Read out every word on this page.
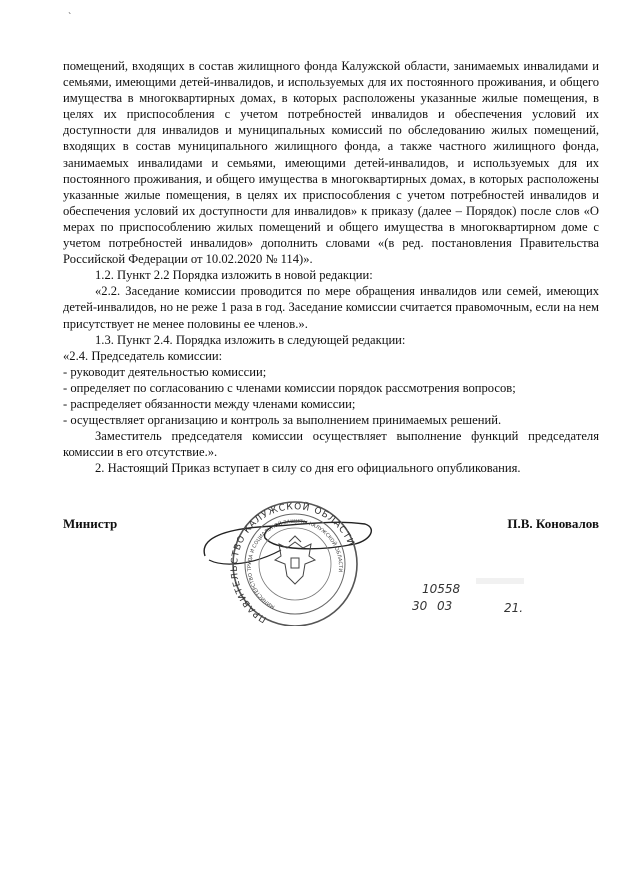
`

помещений, входящих в состав жилищного фонда Калужской области, занимаемых инвалидами и семьями, имеющими детей-инвалидов, и используемых для их постоянного проживания, и общего имущества в многоквартирных домах, в которых расположены указанные жилые помещения, в целях их приспособления с учетом потребностей инвалидов и обеспечения условий их доступности для инвалидов и муниципальных комиссий по обследованию жилых помещений, входящих в состав муниципального жилищного фонда, а также частного жилищного фонда, занимаемых инвалидами и семьями, имеющими детей-инвалидов, и используемых для их постоянного проживания, и общего имущества в многоквартирных домах, в которых расположены указанные жилые помещения, в целях их приспособления с учетом потребностей инвалидов и обеспечения условий их доступности для инвалидов» к приказу (далее – Порядок) после слов «О мерах по приспособлению жилых помещений и общего имущества в многоквартирном доме с учетом потребностей инвалидов» дополнить словами «(в ред. постановления Правительства Российской Федерации от 10.02.2020 № 114)».

1.2. Пункт 2.2 Порядка изложить в новой редакции:

«2.2. Заседание комиссии проводится по мере обращения инвалидов или семей, имеющих детей-инвалидов, но не реже 1 раза в год. Заседание комиссии считается правомочным, если на нем присутствует не менее половины ее членов.».

1.3. Пункт 2.4. Порядка изложить в следующей редакции:

«2.4. Председатель комиссии:

- руководит деятельностью комиссии;

- определяет по согласованию с членами комиссии порядок рассмотрения вопросов;

- распределяет обязанности между членами комиссии;

- осуществляет организацию и контроль за выполнением принимаемых решений.

Заместитель председателя комиссии осуществляет выполнение функций председателя комиссии в его отсутствие.».

2. Настоящий Приказ вступает в силу со дня его официального опубликования.

Министр	П.В. Коновалов
ПРАВИТЕЛЬСТВО КАЛУЖСКОЙ ОБЛАСТИ
МИНИСТЕРСТВО ТРУДА И СОЦИАЛЬНОЙ ЗАЩИТЫ КАЛУЖСКОЙ ОБЛАСТИ
10558
30 03	21.
